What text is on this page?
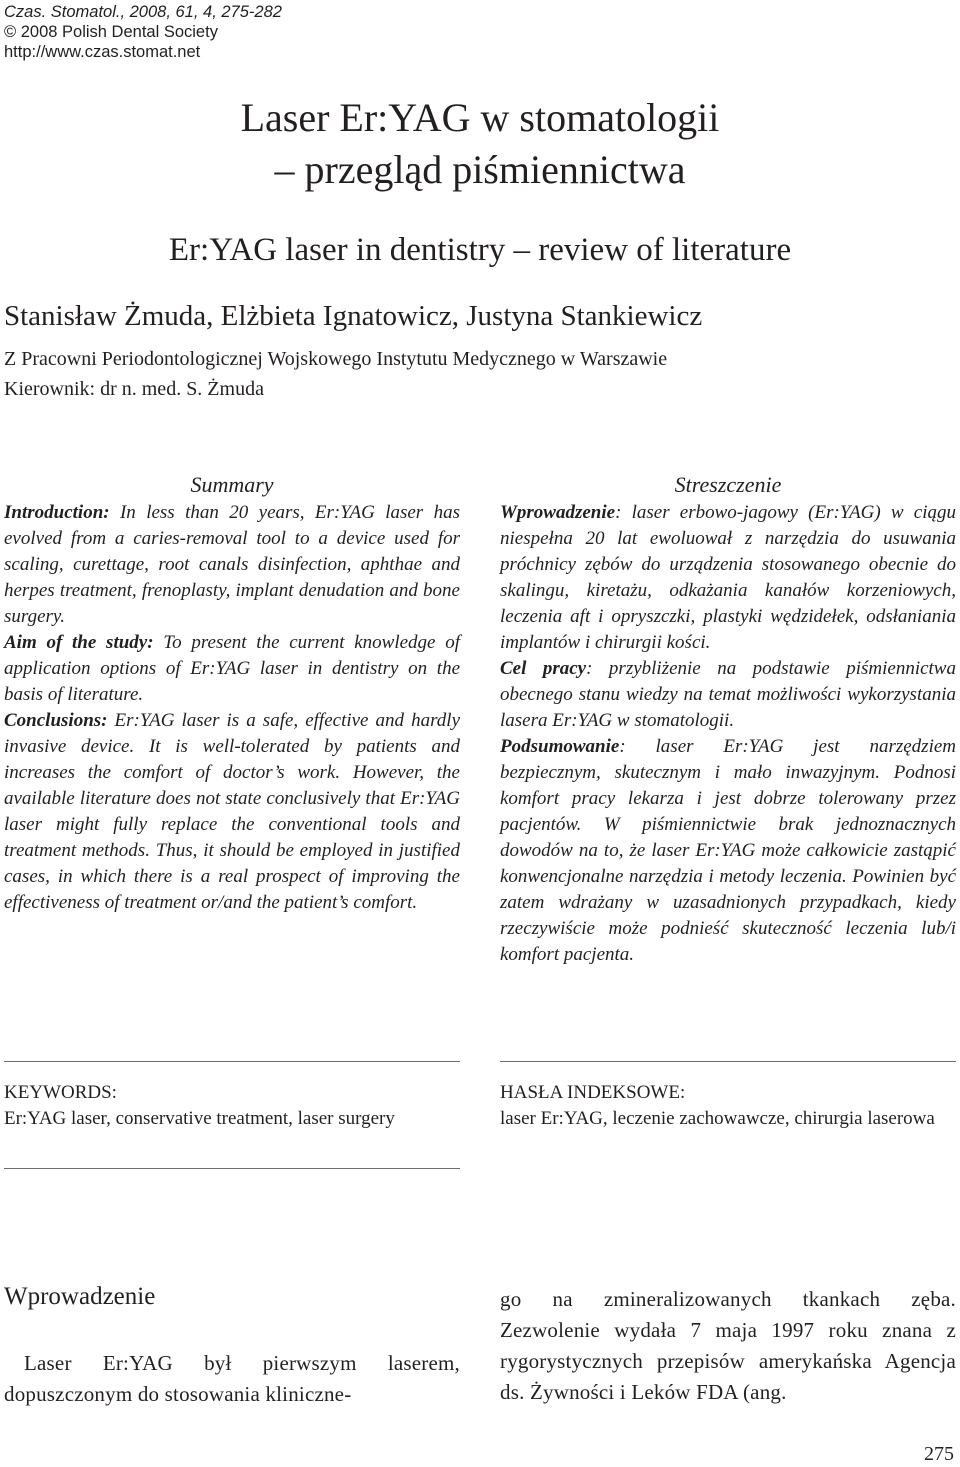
Czas. Stomatol., 2008, 61, 4, 275-282
© 2008 Polish Dental Society
http://www.czas.stomat.net
Laser Er:YAG w stomatologii
– przegląd piśmiennictwa
Er:YAG laser in dentistry – review of literature
Stanisław Żmuda, Elżbieta Ignatowicz, Justyna Stankiewicz
Z Pracowni Periodontologicznej Wojskowego Instytutu Medycznego w Warszawie
Kierownik: dr n. med. S. Żmuda
Summary

Introduction: In less than 20 years, Er:YAG laser has evolved from a caries-removal tool to a device used for scaling, curettage, root canals disinfection, aphthae and herpes treatment, frenoplasty, implant denudation and bone surgery.

Aim of the study: To present the current knowledge of application options of Er:YAG laser in dentistry on the basis of literature.

Conclusions: Er:YAG laser is a safe, effective and hardly invasive device. It is well-tolerated by patients and increases the comfort of doctor’s work. However, the available literature does not state conclusively that Er:YAG laser might fully replace the conventional tools and treatment methods. Thus, it should be employed in justified cases, in which there is a real prospect of improving the effectiveness of treatment or/and the patient’s comfort.

Streszczenie

Wprowadzenie: laser erbowo-jagowy (Er:YAG) w ciągu niespełna 20 lat ewoluował z narzędzia do usuwania próchnicy zębów do urządzenia stosowanego obecnie do skalingu, kiretażu, odkażania kanałów korzeniowych, leczenia aft i opryszczki, plastyki wędzidełek, odsłaniania implantów i chirurgii kości.

Cel pracy: przybliżenie na podstawie piśmiennictwa obecnego stanu wiedzy na temat możliwości wykorzystania lasera Er:YAG w stomatologii.

Podsumowanie: laser Er:YAG jest narzędziem bezpiecznym, skutecznym i mało inwazyjnym. Podnosi komfort pracy lekarza i jest dobrze tolerowany przez pacjentów. W piśmiennictwie brak jednoznacznych dowodów na to, że laser Er:YAG może całkowicie zastąpić konwencjonalne narzędzia i metody leczenia. Powinien być zatem wdrażany w uzasadnionych przypadkach, kiedy rzeczywiście może podnieść skuteczność leczenia lub/i komfort pacjenta.

KEYWORDS:
Er:YAG laser, conservative treatment, laser surgery
HASŁA INDEKSOWE:
laser Er:YAG, leczenie zachowawcze, chirurgia laserowa
Wprowadzenie
Laser Er:YAG był pierwszym laserem, dopuszczonym do stosowania kliniczne-
go na zmineralizowanych tkankach zęba. Zezwolenie wydała 7 maja 1997 roku znana z rygorystycznych przepisów amerykańska Agencja ds. Żywności i Leków FDA (ang.
275
